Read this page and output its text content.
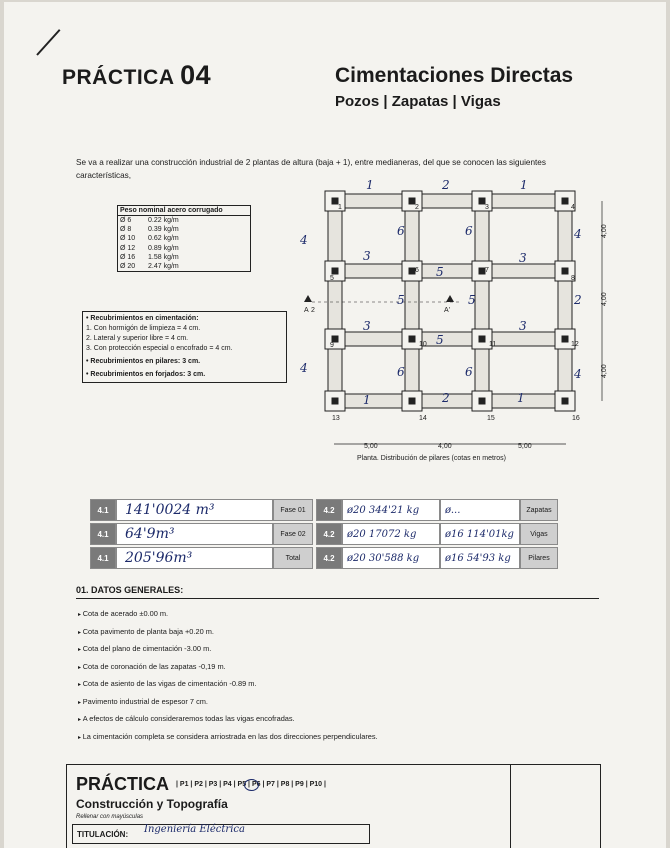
PRÁCTICA 04	Cimentaciones Directas
Pozos | Zapatas | Vigas
Se va a realizar una construcción industrial de 2 plantas de altura (baja + 1), entre medianeras, del que se conocen las siguientes características,
Peso nominal acero corrugado
Ø 6	0.22 kg/m
Ø 8	0.39 kg/m
Ø 10	0.62 kg/m
Ø 12	0.89 kg/m
Ø 16	1.58 kg/m
Ø 20	2.47 kg/m
• Recubrimientos en cimentación:
1. Con hormigón de limpieza = 4 cm.
2. Lateral y superior libre = 4 cm.
3. Con protección especial o encofrado = 4 cm.
• Recubrimientos en pilares: 3 cm.
• Recubrimientos en forjados: 3 cm.
A 2	A'
1	2	3	4
5
6	7
8
9	10	11	12
13	14	15	16
5,00	4,00	5,00
4,00
4,00
4,00
1	2	1
3	3
3	3
1	2	1
4
4
4
2
4
6
6
6
6
5	5
5
5
Planta. Distribución de pilares (cotas en metros)
4.1	141'0024 m³	Fase 01	4.2	ø20 344'21 kg	ø...	Zapatas
4.1	64'9m³	Fase 02	4.2	ø20 17072 kg	ø16 114'01kg	Vigas
4.1	205'96m³	Total	4.2	ø20 30'588 kg	ø16 54'93 kg	Pilares
01. DATOS GENERALES:
▸ Cota de acerado ±0.00 m.
▸ Cota pavimento de planta baja +0.20 m.
▸ Cota del plano de cimentación -3.00 m.
▸ Cota de coronación de las zapatas -0,19 m.
▸ Cota de asiento de las vigas de cimentación -0.89 m.
▸ Pavimento industrial de espesor 7 cm.
▸ A efectos de cálculo consideraremos todas las vigas encofradas.
▸ La cimentación completa se considera arriostrada en las dos direcciones perpendiculares.
PRÁCTICA | P1 | P2 | P3 | P4 | P5 | P6 | P7 | P8 | P9 | P10 |
Construcción y Topografía
Rellenar con mayúsculas
TITULACIÓN: Ingeniería Eléctrica
